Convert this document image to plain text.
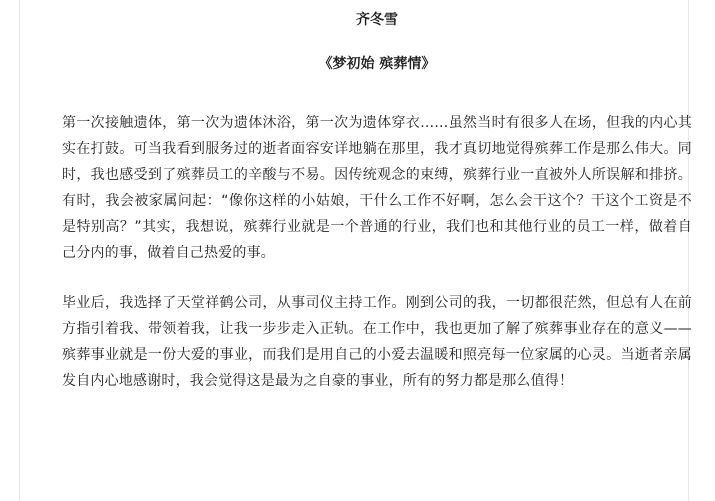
齐冬雪

《梦初始 殡葬情》

第一次接触遗体，第一次为遗体沐浴，第一次为遗体穿衣……虽然当时有很多人在场，但我的内心其实在打鼓。可当我看到服务过的逝者面容安详地躺在那里，我才真切地觉得殡葬工作是那么伟大。同时，我也感受到了殡葬员工的辛酸与不易。因传统观念的束缚，殡葬行业一直被外人所误解和排挤。有时，我会被家属问起：“像你这样的小姑娘，干什么工作不好啊，怎么会干这个？干这个工资是不是特别高？”其实，我想说，殡葬行业就是一个普通的行业，我们也和其他行业的员工一样，做着自己分内的事，做着自己热爱的事。

毕业后，我选择了天堂祥鹤公司，从事司仪主持工作。刚到公司的我，一切都很茫然，但总有人在前方指引着我、带领着我，让我一步步走入正轨。在工作中，我也更加了解了殡葬事业存在的意义——殡葬事业就是一份大爱的事业，而我们是用自己的小爱去温暖和照亮每一位家属的心灵。当逝者亲属发自内心地感谢时，我会觉得这是最为之自豪的事业，所有的努力都是那么值得！
